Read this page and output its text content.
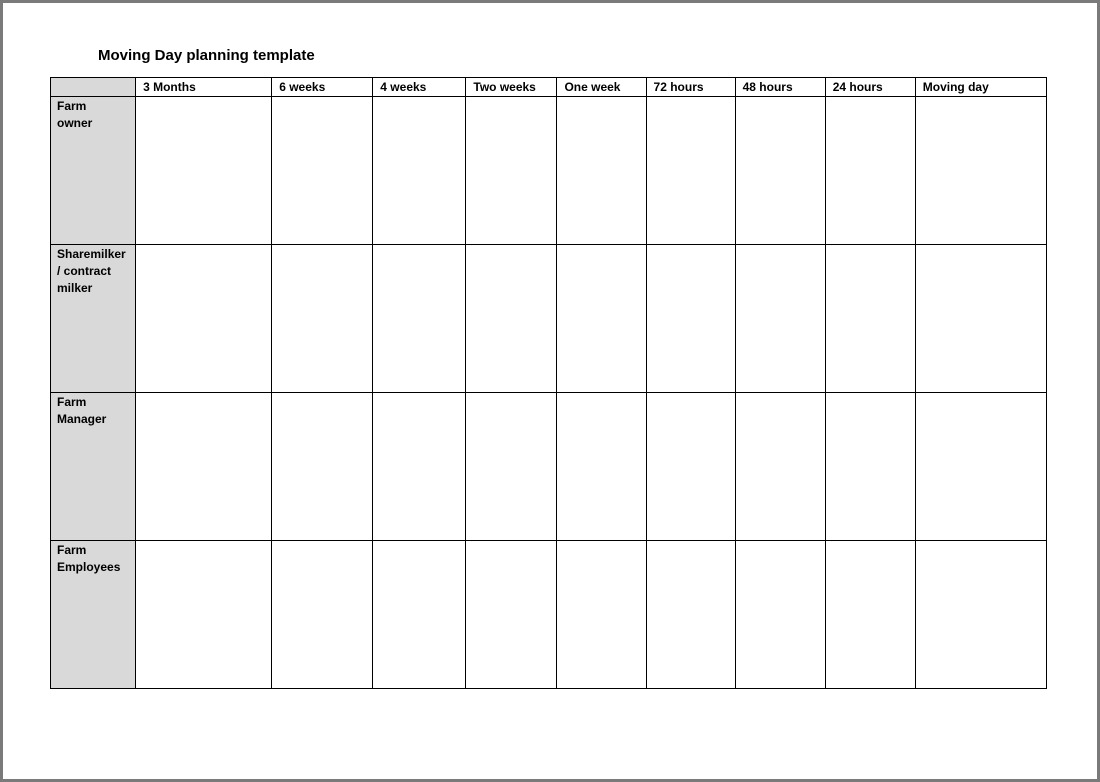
Moving Day planning template
	3 Months	6 weeks	4 weeks	Two weeks	One week	72 hours	48 hours	24 hours	Moving day

Farm
owner									

Sharemilker
/ contract
milker									

Farm
Manager									

Farm
Employees									
